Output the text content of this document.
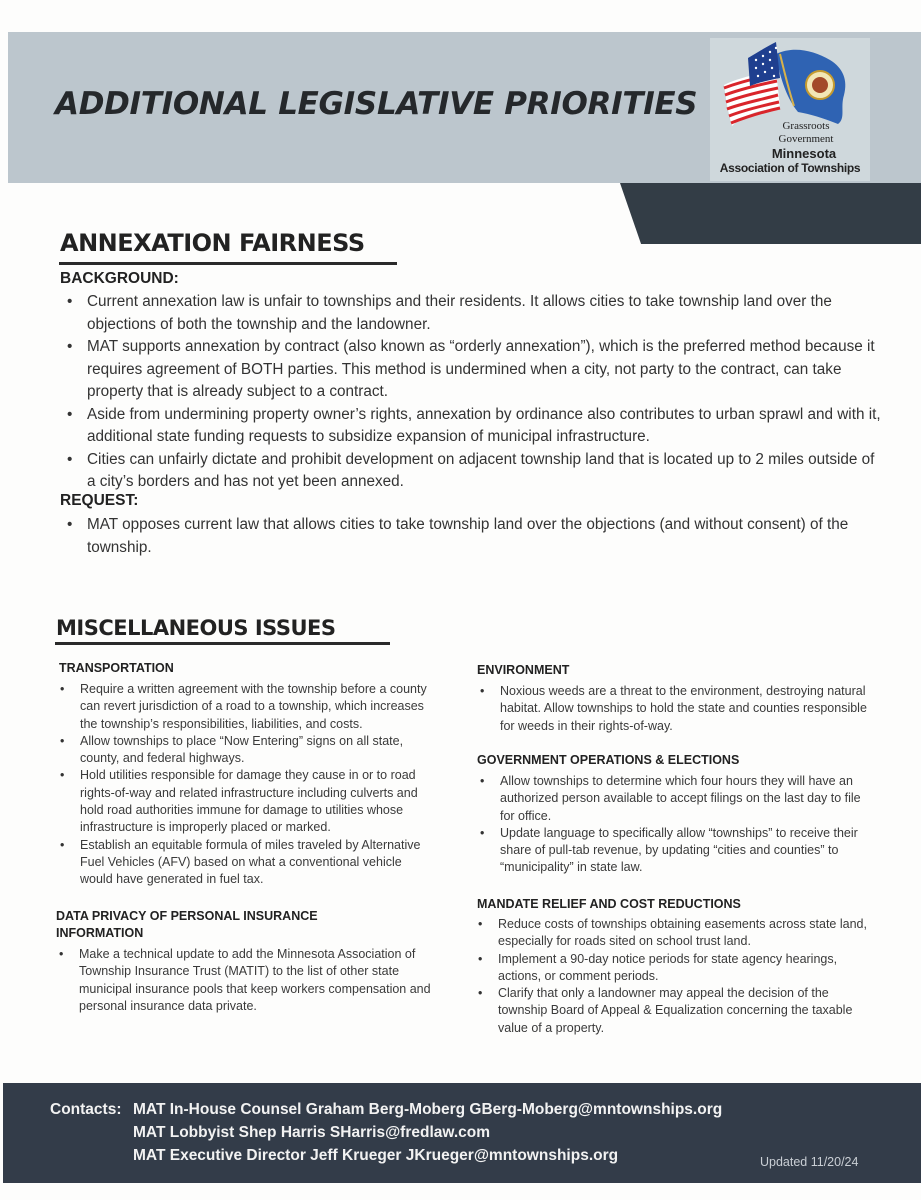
ADDITIONAL LEGISLATIVE PRIORITIES
Grassroots
Government
Minnesota
Association of Townships
ANNEXATION FAIRNESS
BACKGROUND:
• Current annexation law is unfair to townships and their residents. It allows cities to take township land over the objections of both the township and the landowner.
• MAT supports annexation by contract (also known as “orderly annexation”), which is the preferred method because it requires agreement of BOTH parties. This method is undermined when a city, not party to the contract, can take property that is already subject to a contract.
• Aside from undermining property owner’s rights, annexation by ordinance also contributes to urban sprawl and with it, additional state funding requests to subsidize expansion of municipal infrastructure.
• Cities can unfairly dictate and prohibit development on adjacent township land that is located up to 2 miles outside of a city’s borders and has not yet been annexed.
REQUEST:
• MAT opposes current law that allows cities to take township land over the objections (and without consent) of the township.
MISCELLANEOUS ISSUES
TRANSPORTATION
• Require a written agreement with the township before a county can revert jurisdiction of a road to a township, which increases the township’s responsibilities, liabilities, and costs.
• Allow townships to place “Now Entering” signs on all state, county, and federal highways.
• Hold utilities responsible for damage they cause in or to road rights-of-way and related infrastructure including culverts and hold road authorities immune for damage to utilities whose infrastructure is improperly placed or marked.
• Establish an equitable formula of miles traveled by Alternative Fuel Vehicles (AFV) based on what a conventional vehicle would have generated in fuel tax.
DATA PRIVACY OF PERSONAL INSURANCE INFORMATION
• Make a technical update to add the Minnesota Association of Township Insurance Trust (MATIT) to the list of other state municipal insurance pools that keep workers compensation and personal insurance data private.
ENVIRONMENT
• Noxious weeds are a threat to the environment, destroying natural habitat. Allow townships to hold the state and counties responsible for weeds in their rights-of-way.
GOVERNMENT OPERATIONS & ELECTIONS
• Allow townships to determine which four hours they will have an authorized person available to accept filings on the last day to file for office.
• Update language to specifically allow “townships” to receive their share of pull-tab revenue, by updating “cities and counties” to “municipality” in state law.
MANDATE RELIEF AND COST REDUCTIONS
• Reduce costs of townships obtaining easements across state land, especially for roads sited on school trust land.
• Implement a 90-day notice periods for state agency hearings, actions, or comment periods.
• Clarify that only a landowner may appeal the decision of the township Board of Appeal & Equalization concerning the taxable value of a property.
Contacts: MAT In-House Counsel Graham Berg-Moberg GBerg-Moberg@mntownships.org
MAT Lobbyist Shep Harris SHarris@fredlaw.com
MAT Executive Director Jeff Krueger JKrueger@mntownships.org	Updated 11/20/24
